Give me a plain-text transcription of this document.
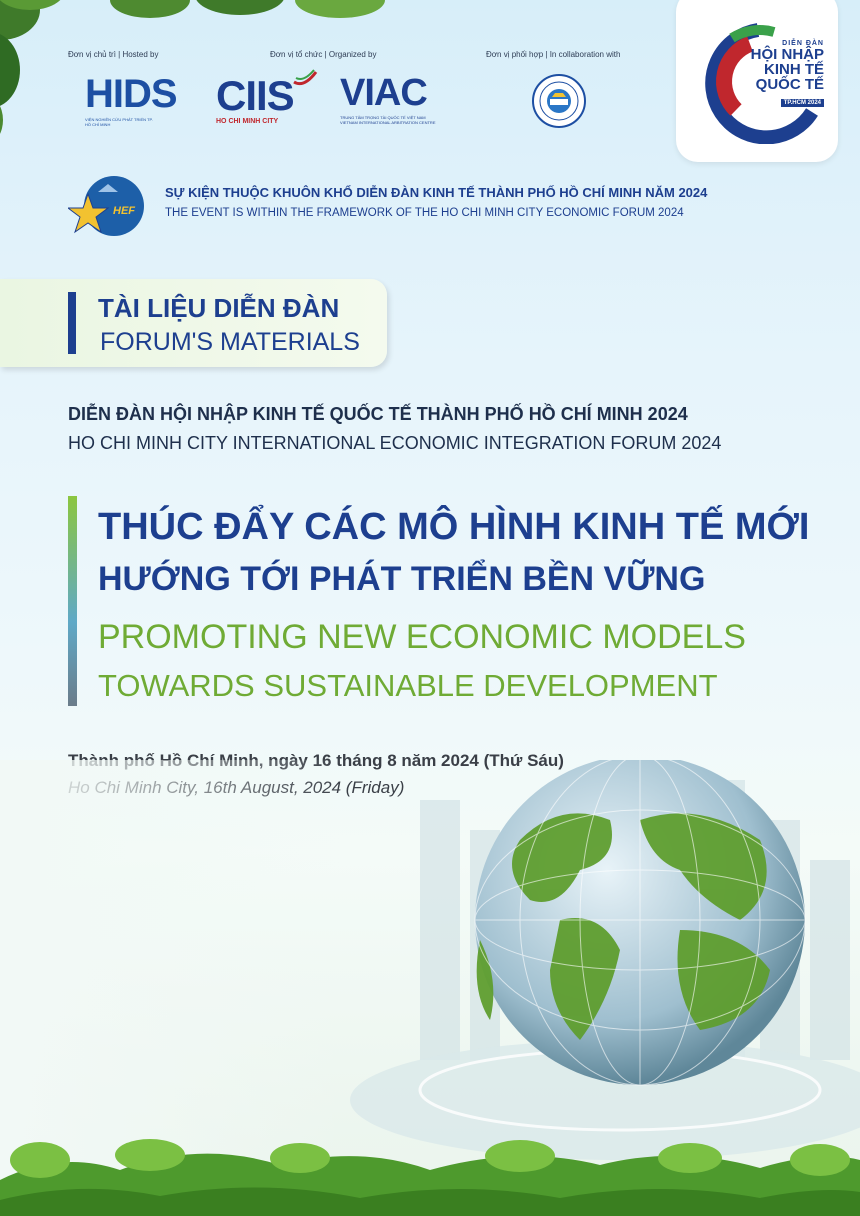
Đơn vị chủ trì | Hosted by	Đơn vị tổ chức | Organized by	Đơn vị phối hợp | In collaboration with
HIDS
VIỆN NGHIÊN CỨU PHÁT TRIỂN TP. HỒ CHÍ MINH
CIIS
HO CHI MINH CITY
VIAC
TRUNG TÂM TRỌNG TÀI QUỐC TẾ VIỆT NAM VIETNAM INTERNATIONAL ARBITRATION CENTRE
DIỄN ĐÀN
HỘI NHẬP
KINH TẾ
QUỐC TẾ
TP.HCM 2024
HEF
SỰ KIỆN THUỘC KHUÔN KHỔ DIỄN ĐÀN KINH TẾ THÀNH PHỐ HỒ CHÍ MINH NĂM 2024
THE EVENT IS WITHIN THE FRAMEWORK OF THE HO CHI MINH CITY ECONOMIC FORUM 2024
TÀI LIỆU DIỄN ĐÀN
FORUM'S MATERIALS
DIỄN ĐÀN HỘI NHẬP KINH TẾ QUỐC TẾ THÀNH PHỐ HỒ CHÍ MINH 2024
HO CHI MINH CITY INTERNATIONAL ECONOMIC INTEGRATION FORUM 2024
THÚC ĐẨY CÁC MÔ HÌNH KINH TẾ MỚI
HƯỚNG TỚI PHÁT TRIỂN BỀN VỮNG
PROMOTING NEW ECONOMIC MODELS
TOWARDS SUSTAINABLE DEVELOPMENT
